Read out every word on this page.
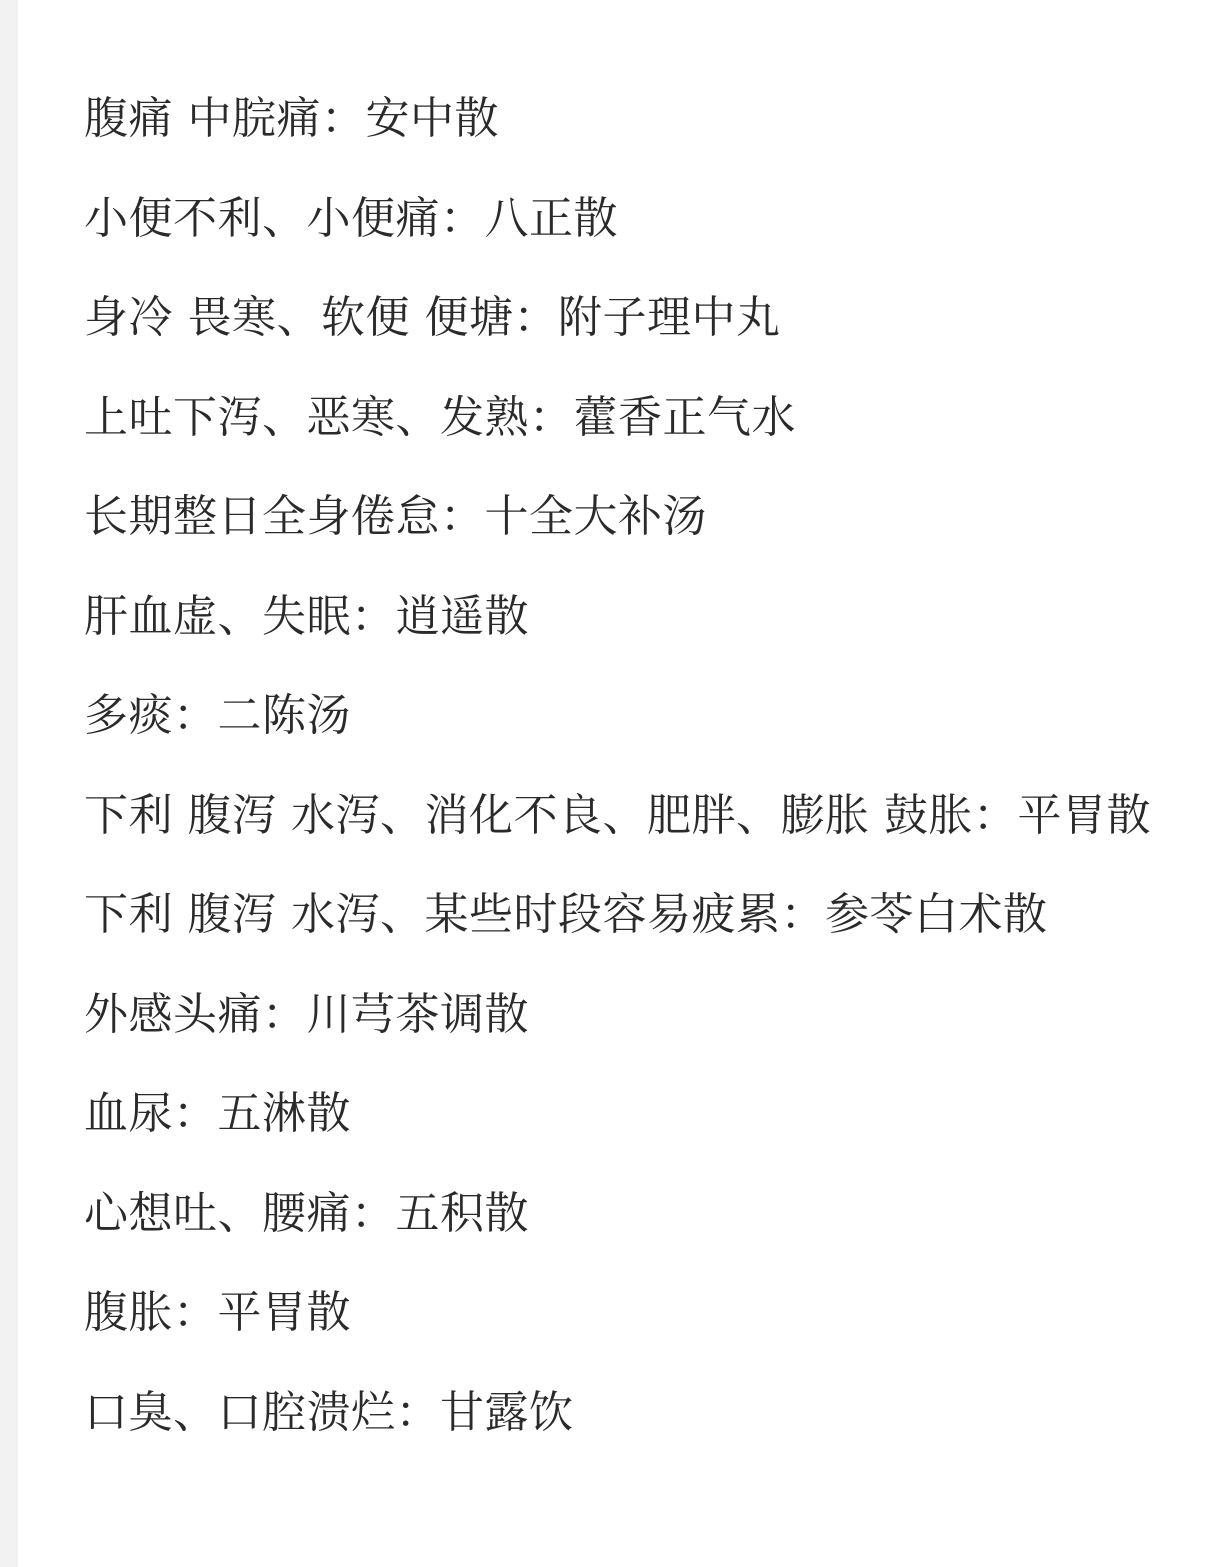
腹痛 中脘痛：安中散
小便不利、小便痛：八正散
身冷 畏寒、软便 便塘：附子理中丸
上吐下泻、恶寒、发熟：藿香正气水
长期整日全身倦怠：十全大补汤
肝血虚、失眠：逍遥散
多痰：二陈汤
下利 腹泻 水泻、消化不良、肥胖、膨胀 鼓胀：平胃散
下利 腹泻 水泻、某些时段容易疲累：参苓白术散
外感头痛：川芎茶调散
血尿：五淋散
心想吐、腰痛：五积散
腹胀：平胃散
口臭、口腔溃烂：甘露饮
